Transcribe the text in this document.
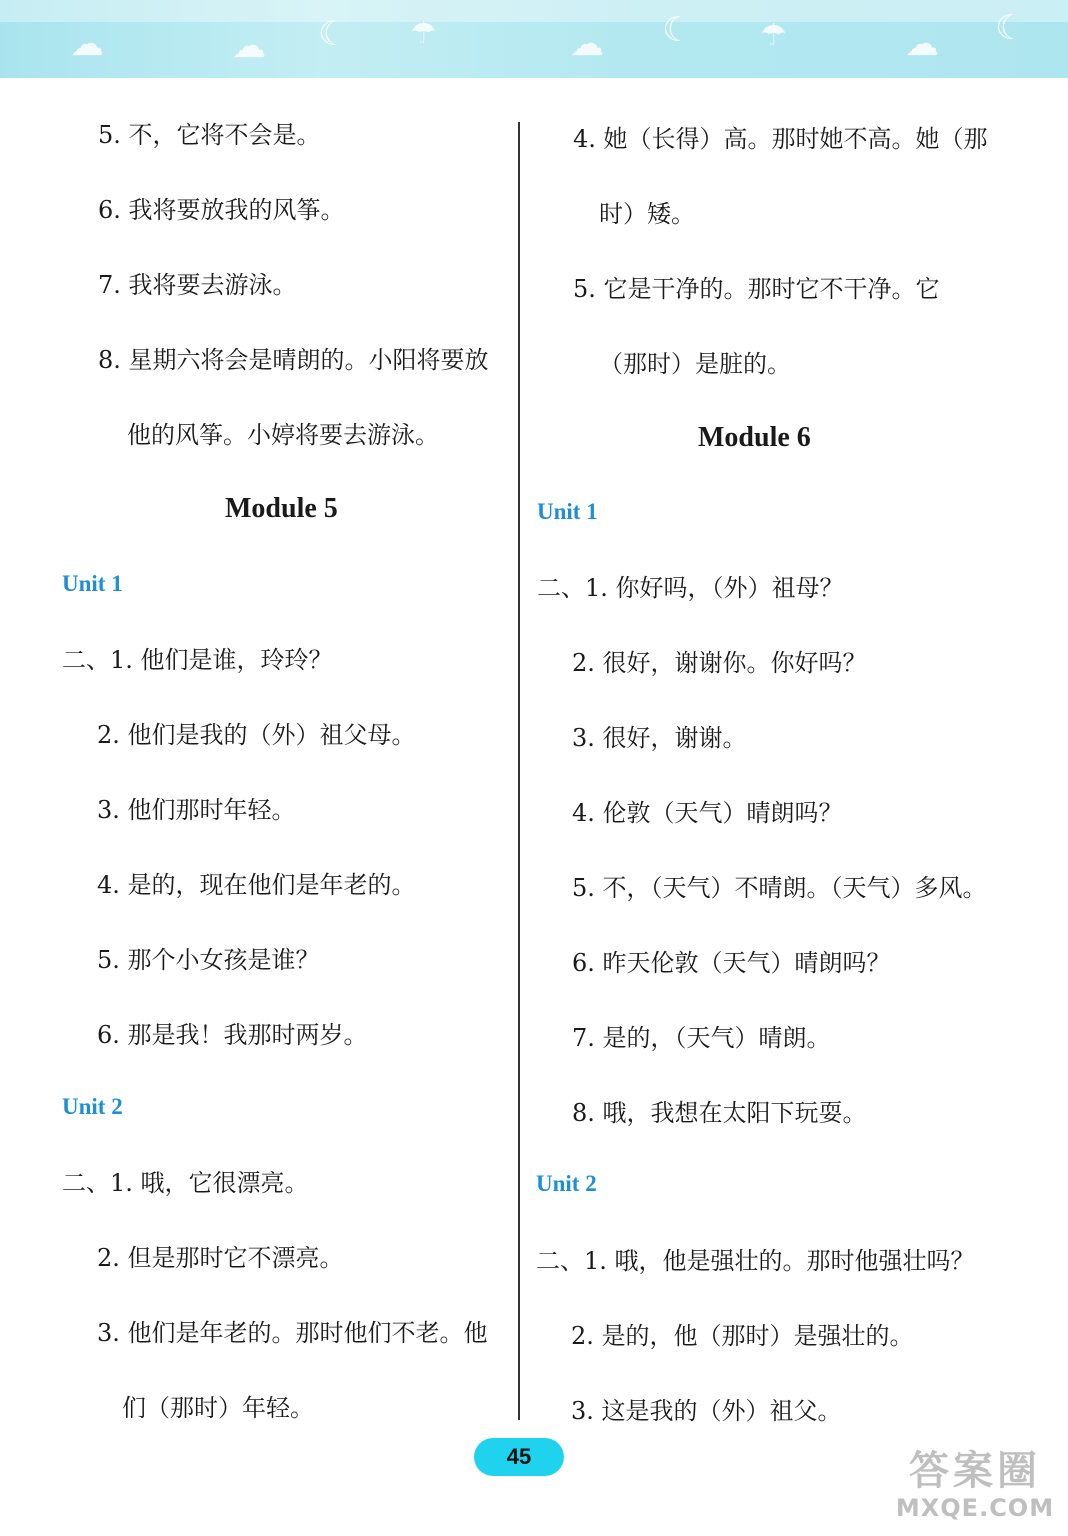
☁	☁ ☾ ☂	☁ ☾ ☂	☁ ☾
5. 不，它将不会是。
6. 我将要放我的风筝。
7. 我将要去游泳。
8. 星期六将会是晴朗的。小阳将要放
他的风筝。小婷将要去游泳。
Module 5
Unit 1
二、1. 他们是谁，玲玲？
2. 他们是我的（外）祖父母。
3. 他们那时年轻。
4. 是的，现在他们是年老的。
5. 那个小女孩是谁？
6. 那是我！我那时两岁。
Unit 2
二、1. 哦，它很漂亮。
2. 但是那时它不漂亮。
3. 他们是年老的。那时他们不老。他
们（那时）年轻。
4. 她（长得）高。那时她不高。她（那
时）矮。
5. 它是干净的。那时它不干净。它
（那时）是脏的。
Module 6
Unit 1
二、1. 你好吗，（外）祖母？
2. 很好，谢谢你。你好吗？
3. 很好，谢谢。
4. 伦敦（天气）晴朗吗？
5. 不，（天气）不晴朗。（天气）多风。
6. 昨天伦敦（天气）晴朗吗？
7. 是的，（天气）晴朗。
8. 哦，我想在太阳下玩耍。
Unit 2
二、1. 哦，他是强壮的。那时他强壮吗？
2. 是的，他（那时）是强壮的。
3. 这是我的（外）祖父。
45	答案圈
MXQE.COM
